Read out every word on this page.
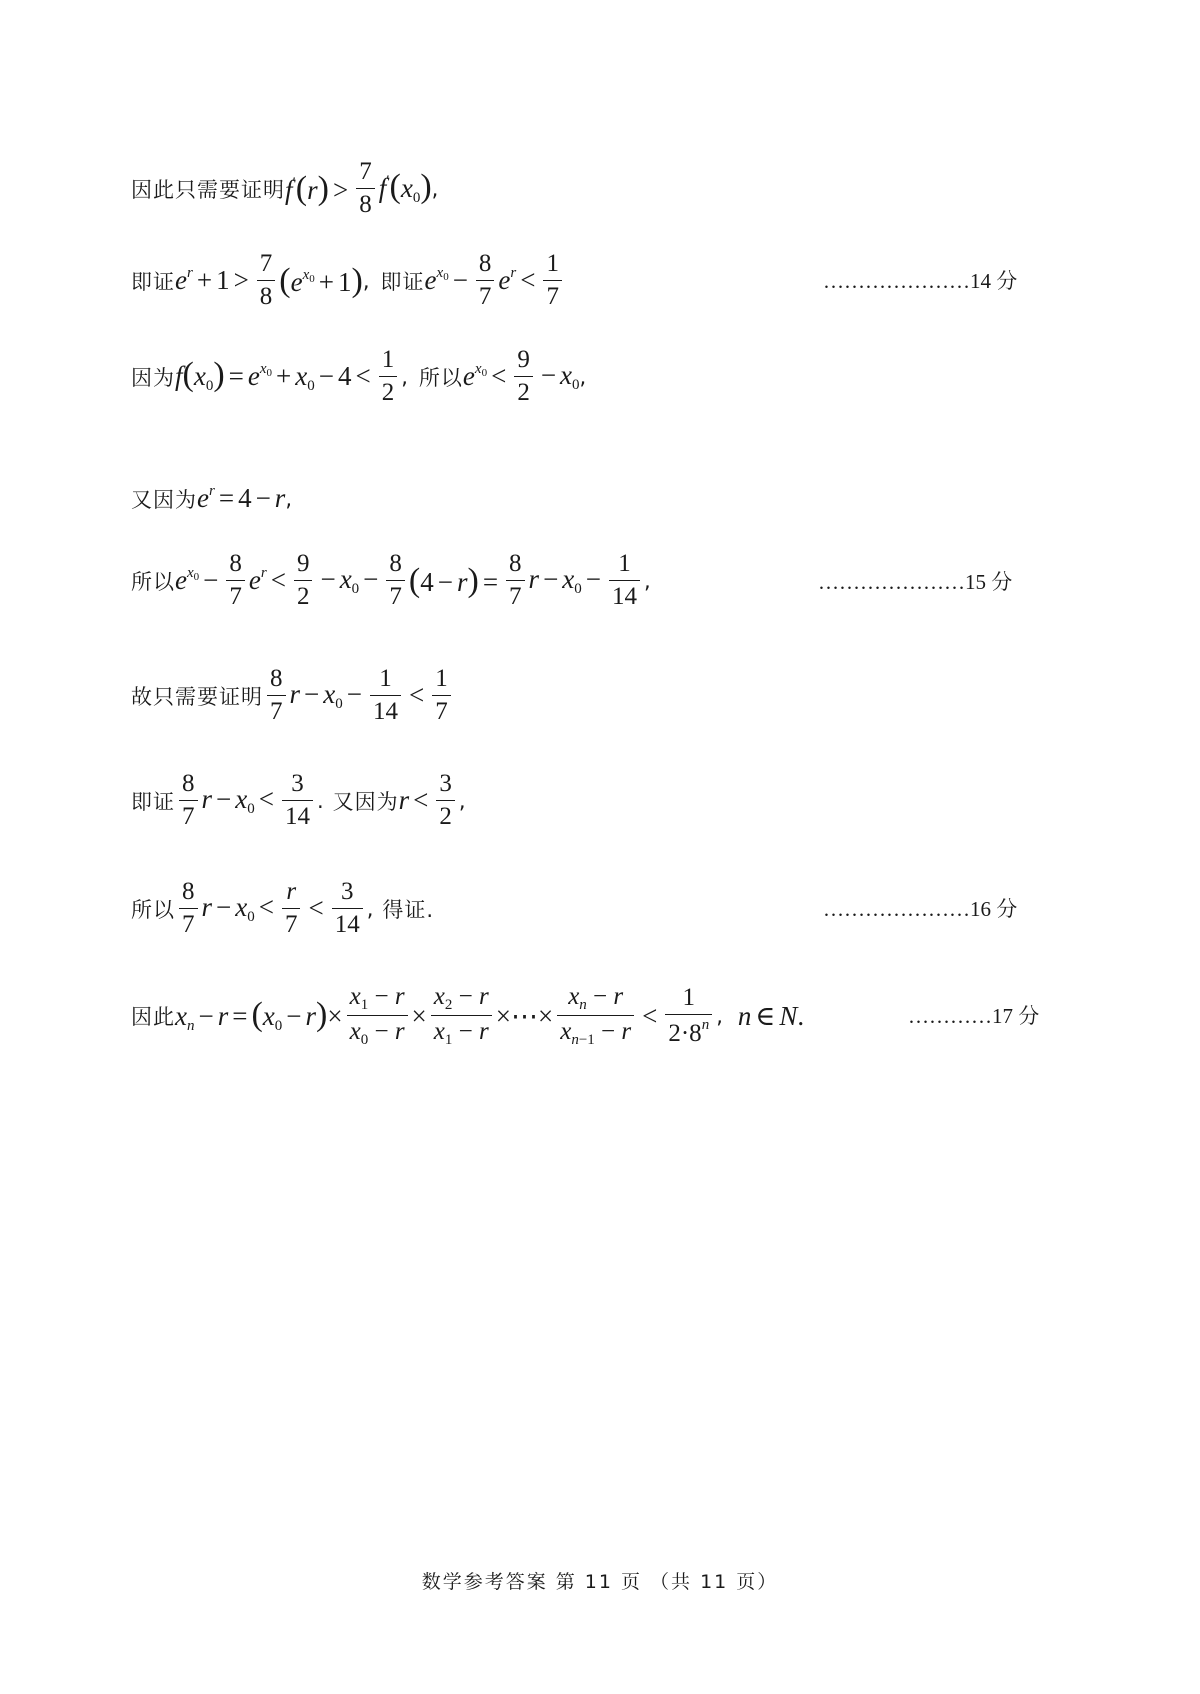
因此只需要证明 $f'(r) > \frac{7}{8} f'(x_0)$ ,
即证 $e^r + 1 > \frac{7}{8} (e^{x_0} + 1)$ , 即证 $e^{x_0} - \frac{8}{7} e^r < \frac{1}{7}$	…………………14 分
因为 $f(x_0) = e^{x_0} + x_0 - 4 < \frac{1}{2}$ , 所以 $e^{x_0} < \frac{9}{2} - x_0$ ,
又因为 $e^r = 4 - r$ ,
所以 $e^{x_0} - \frac{8}{7} e^r < \frac{9}{2} - x_0 - \frac{8}{7} (4 - r) = \frac{8}{7}$ $r - x_0 - \frac{1}{14}$ ,	…………………15 分
故只需要证明 $\frac{8}{7}$ $r - x_0 - \frac{1}{14} < \frac{1}{7}$
即证 $\frac{8}{7}$ $r - x_0 < \frac{3}{14}$ . 又因为 $r < \frac{3}{2}$ ,
所以 $\frac{8}{7}$ $r - x_0 < \frac{r}{7} < \frac{3}{14}$ , 得证.	…………………16 分
因此 $x_n - r = (x_0 - r)\times \frac{x_1 - r}{x_0 - r} \times \frac{x_2 - r}{x_1 - r}$ ×⋯× $\frac{x_n - r}{x_{n-1} - r} < \frac{1}{2\cdot 8^n}$ , n ∈ N.	…………17 分
数学参考答案 第 11 页 （共 11 页）
